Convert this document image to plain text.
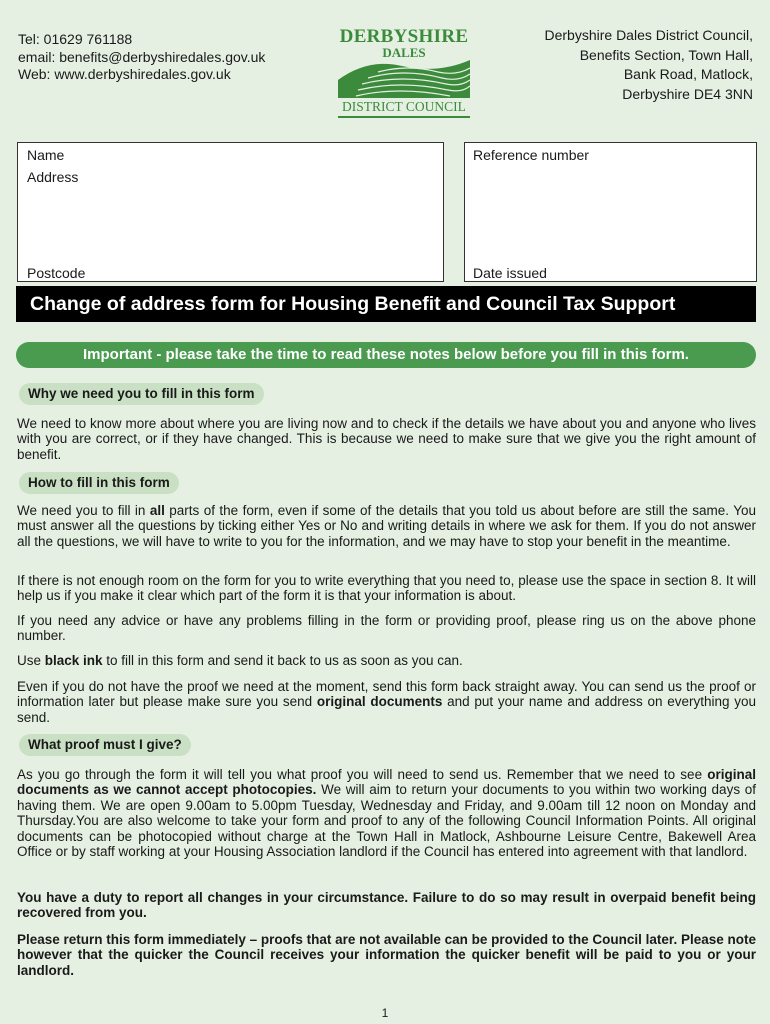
Tel: 01629 761188
email: benefits@derbyshiredales.gov.uk
Web: www.derbyshiredales.gov.uk
DERBYSHIRE
DALES
DISTRICT COUNCIL
Derbyshire Dales District Council,
Benefits Section, Town Hall,
Bank Road, Matlock,
Derbyshire DE4 3NN
Name
Address
Postcode
Reference number
Date issued
Change of address form for Housing Benefit and Council Tax Support
Important - please take the time to read these notes below before you fill in this form.
Why we need you to fill in this form

We need to know more about where you are living now and to check if the details we have about you and anyone who lives with you are correct, or if they have changed. This is because we need to make sure that we give you the right amount of benefit.

How to fill in this form

We need you to fill in all parts of the form, even if some of the details that you told us about before are still the same. You must answer all the questions by ticking either Yes or No and writing details in where we ask for them. If you do not answer all the questions, we will have to write to you for the information, and we may have to stop your benefit in the meantime.

If there is not enough room on the form for you to write everything that you need to, please use the space in section 8. It will help us if you make it clear which part of the form it is that your information is about.

If you need any advice or have any problems filling in the form or providing proof, please ring us on the above phone number.

Use black ink to fill in this form and send it back to us as soon as you can.

Even if you do not have the proof we need at the moment, send this form back straight away. You can send us the proof or information later but please make sure you send original documents and put your name and address on everything you send.

What proof must I give?

As you go through the form it will tell you what proof you will need to send us. Remember that we need to see original documents as we cannot accept photocopies. We will aim to return your documents to you within two working days of having them. We are open 9.00am to 5.00pm Tuesday, Wednesday and Friday, and 9.00am till 12 noon on Monday and Thursday.You are also welcome to take your form and proof to any of the following Council Information Points. All original documents can be photocopied without charge at the Town Hall in Matlock, Ashbourne Leisure Centre, Bakewell Area Office or by staff working at your Housing Association landlord if the Council has entered into agreement with that landlord.

You have a duty to report all changes in your circumstance. Failure to do so may result in overpaid benefit being recovered from you.

Please return this form immediately – proofs that are not available can be provided to the Council later. Please note however that the quicker the Council receives your information the quicker benefit will be paid to you or your landlord.

1
